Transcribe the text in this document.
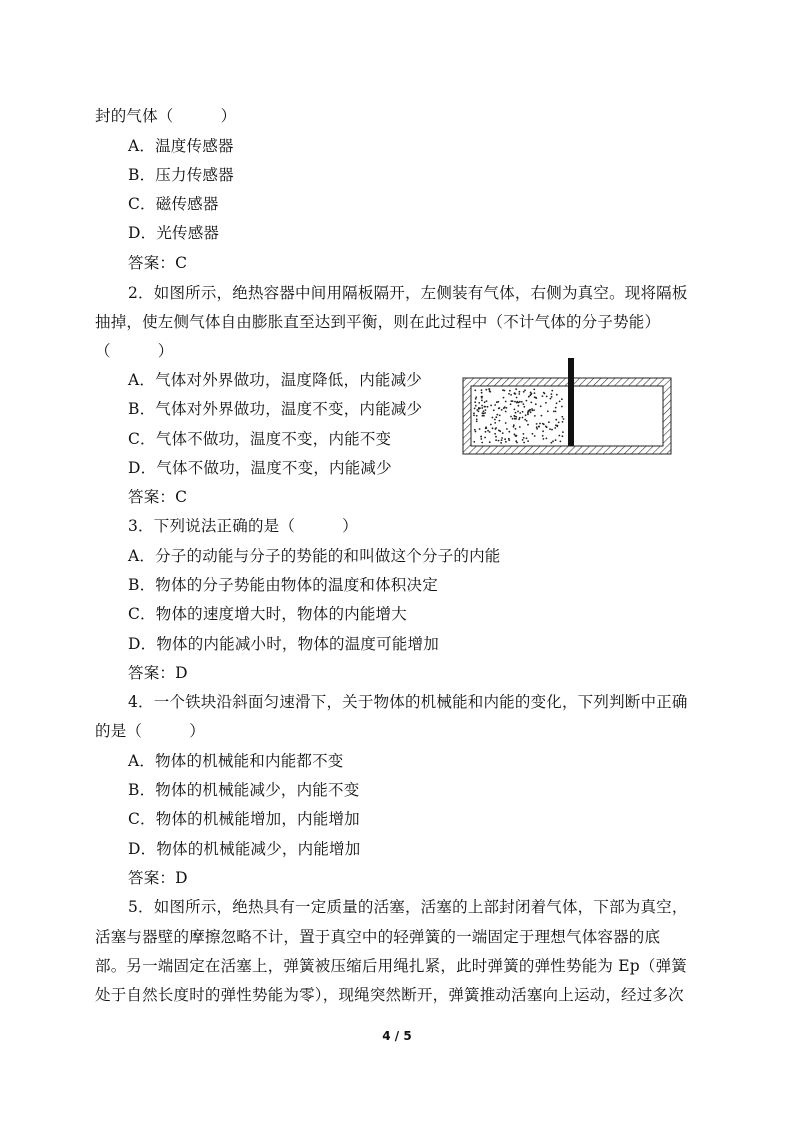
封的气体（　　　）
A．温度传感器
B．压力传感器
C．磁传感器
D．光传感器
答案：C
2．如图所示，绝热容器中间用隔板隔开，左侧装有气体，右侧为真空。现将隔板
抽掉，使左侧气体自由膨胀直至达到平衡，则在此过程中（不计气体的分子势能）
（　　　）
A．气体对外界做功，温度降低，内能减少
B．气体对外界做功，温度不变，内能减少
C．气体不做功，温度不变，内能不变
D．气体不做功，温度不变，内能减少
答案：C
3．下列说法正确的是（　　　）
A．分子的动能与分子的势能的和叫做这个分子的内能
B．物体的分子势能由物体的温度和体积决定
C．物体的速度增大时，物体的内能增大
D．物体的内能减小时，物体的温度可能增加
答案：D
4．一个铁块沿斜面匀速滑下，关于物体的机械能和内能的变化，下列判断中正确
的是（　　　）
A．物体的机械能和内能都不变
B．物体的机械能减少，内能不变
C．物体的机械能增加，内能增加
D．物体的机械能减少，内能增加
答案：D
5．如图所示，绝热具有一定质量的活塞，活塞的上部封闭着气体，下部为真空，
活塞与器壁的摩擦忽略不计，置于真空中的轻弹簧的一端固定于理想气体容器的底
部。另一端固定在活塞上，弹簧被压缩后用绳扎紧，此时弹簧的弹性势能为 Ep（弹簧
处于自然长度时的弹性势能为零），现绳突然断开，弹簧推动活塞向上运动，经过多次
4 / 5
